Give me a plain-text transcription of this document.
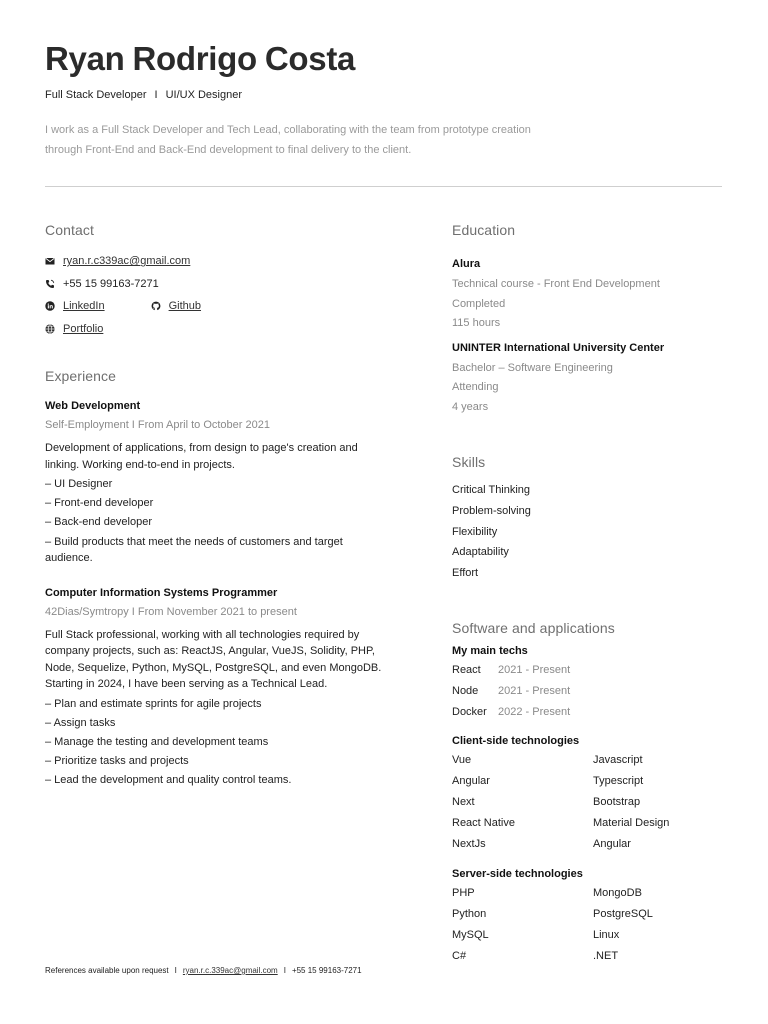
Ryan Rodrigo Costa
Full Stack Developer I UI/UX Designer
I work as a Full Stack Developer and Tech Lead, collaborating with the team from prototype creation through Front-End and Back-End development to final delivery to the client.
Contact
ryan.r.c339ac@gmail.com
+55 15 99163-7271
LinkedIn	Github
Portfolio
Experience
Web Development
Self-Employment I From April to October 2021
Development of applications, from design to page's creation and linking. Working end-to-end in projects.
– UI Designer
– Front-end developer
– Back-end developer
– Build products that meet the needs of customers and target audience.
Computer Information Systems Programmer
42Dias/Symtropy I From November 2021 to present
Full Stack professional, working with all technologies required by company projects, such as: ReactJS, Angular, VueJS, Solidity, PHP, Node, Sequelize, Python, MySQL, PostgreSQL, and even MongoDB. Starting in 2024, I have been serving as a Technical Lead.
– Plan and estimate sprints for agile projects
– Assign tasks
– Manage the testing and development teams
– Prioritize tasks and projects
– Lead the development and quality control teams.
Education
Alura
Technical course - Front End Development
Completed
115 hours
UNINTER International University Center
Bachelor – Software Engineering
Attending
4 years
Skills
Critical Thinking
Problem-solving
Flexibility
Adaptability
Effort
Software and applications
My main techs
React	2021 - Present
Node	2021 - Present
Docker	2022 - Present
Client-side technologies
Vue	Javascript
Angular	Typescript
Next	Bootstrap
React Native	Material Design
NextJs	Angular
Server-side technologies
PHP	MongoDB
Python	PostgreSQL
MySQL	Linux
C#	.NET
References available upon request I ryan.r.c.339ac@gmail.com I +55 15 99163-7271
